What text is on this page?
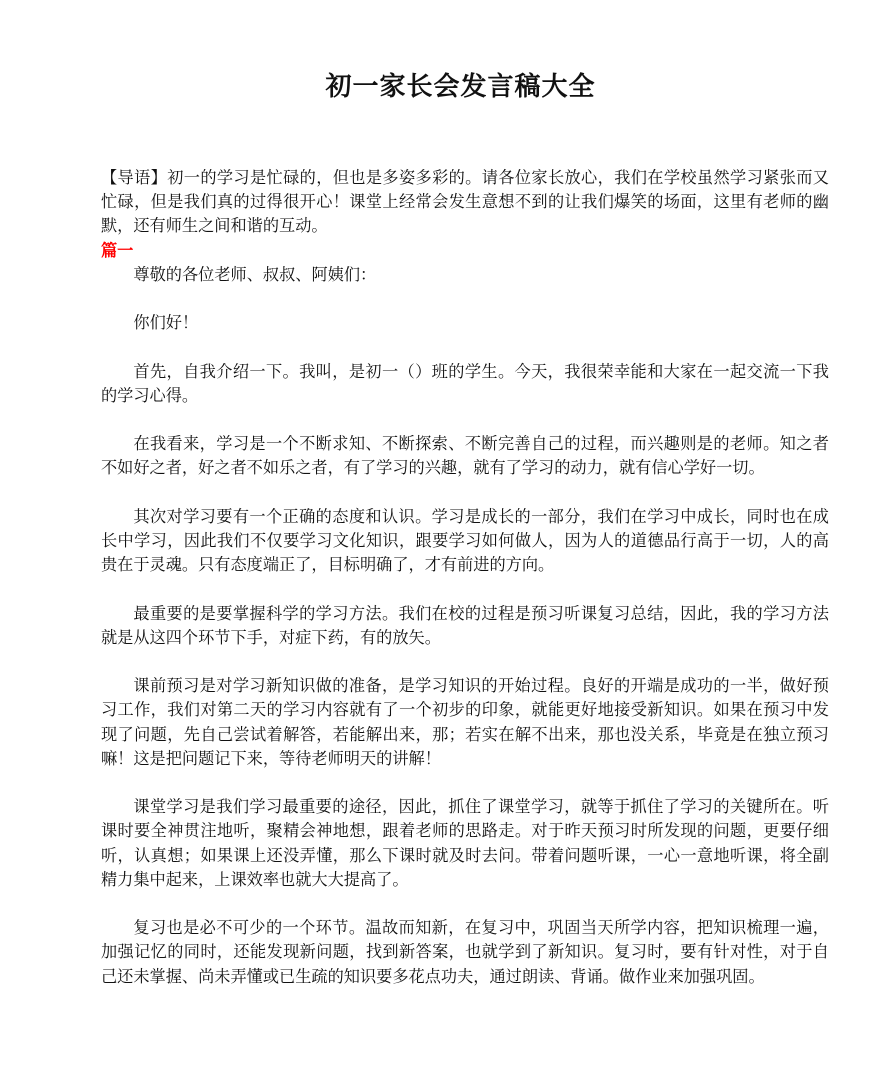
初一家长会发言稿大全

【导语】初一的学习是忙碌的，但也是多姿多彩的。请各位家长放心，我们在学校虽然学习紧张而又忙碌，但是我们真的过得很开心！课堂上经常会发生意想不到的让我们爆笑的场面，这里有老师的幽默，还有师生之间和谐的互动。

篇一

尊敬的各位老师、叔叔、阿姨们：

你们好！

首先，自我介绍一下。我叫，是初一（）班的学生。今天，我很荣幸能和大家在一起交流一下我的学习心得。

在我看来，学习是一个不断求知、不断探索、不断完善自己的过程，而兴趣则是的老师。知之者不如好之者，好之者不如乐之者，有了学习的兴趣，就有了学习的动力，就有信心学好一切。

其次对学习要有一个正确的态度和认识。学习是成长的一部分，我们在学习中成长，同时也在成长中学习，因此我们不仅要学习文化知识，跟要学习如何做人，因为人的道德品行高于一切，人的高贵在于灵魂。只有态度端正了，目标明确了，才有前进的方向。

最重要的是要掌握科学的学习方法。我们在校的过程是预习听课复习总结，因此，我的学习方法就是从这四个环节下手，对症下药，有的放矢。

课前预习是对学习新知识做的准备，是学习知识的开始过程。良好的开端是成功的一半，做好预习工作，我们对第二天的学习内容就有了一个初步的印象，就能更好地接受新知识。如果在预习中发现了问题，先自己尝试着解答，若能解出来，那；若实在解不出来，那也没关系，毕竟是在独立预习嘛！这是把问题记下来，等待老师明天的讲解！

课堂学习是我们学习最重要的途径，因此，抓住了课堂学习，就等于抓住了学习的关键所在。听课时要全神贯注地听，聚精会神地想，跟着老师的思路走。对于昨天预习时所发现的问题，更要仔细听，认真想；如果课上还没弄懂，那么下课时就及时去问。带着问题听课，一心一意地听课，将全副精力集中起来，上课效率也就大大提高了。

复习也是必不可少的一个环节。温故而知新，在复习中，巩固当天所学内容，把知识梳理一遍，加强记忆的同时，还能发现新问题，找到新答案，也就学到了新知识。复习时，要有针对性，对于自己还未掌握、尚未弄懂或已生疏的知识要多花点功夫，通过朗读、背诵。做作业来加强巩固。
